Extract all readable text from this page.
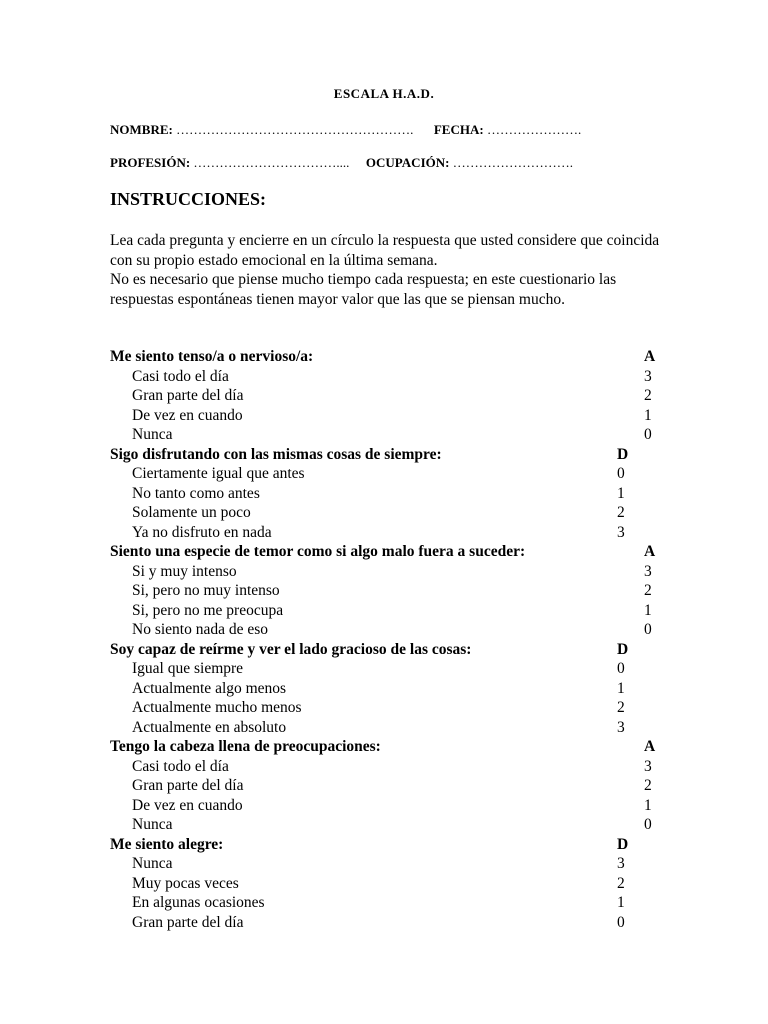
ESCALA H.A.D.
NOMBRE: ………………………………………………. FECHA: ………………….
PROFESIÓN: …………………………….... OCUPACIÓN: ……………………….
INSTRUCCIONES:

Lea cada pregunta y encierre en un círculo la respuesta que usted considere que coincida con su propio estado emocional en la última semana.

No es necesario que piense mucho tiempo cada respuesta; en este cuestionario las respuestas espontáneas tienen mayor valor que las que se piensan mucho.

Me siento tenso/a o nervioso/a:	A
Casi todo el día	3
Gran parte del día	2
De vez en cuando	1
Nunca	0
Sigo disfrutando con las mismas cosas de siempre:	D
Ciertamente igual que antes	0
No tanto como antes	1
Solamente un poco	2
Ya no disfruto en nada	3
Siento una especie de temor como si algo malo fuera a suceder:	A
Si y muy intenso	3
Si, pero no muy intenso	2
Si, pero no me preocupa	1
No siento nada de eso	0
Soy capaz de reírme y ver el lado gracioso de las cosas:	D
Igual que siempre	0
Actualmente algo menos	1
Actualmente mucho menos	2
Actualmente en absoluto	3
Tengo la cabeza llena de preocupaciones:	A
Casi todo el día	3
Gran parte del día	2
De vez en cuando	1
Nunca	0
Me siento alegre:	D
Nunca	3
Muy pocas veces	2
En algunas ocasiones	1
Gran parte del día	0
